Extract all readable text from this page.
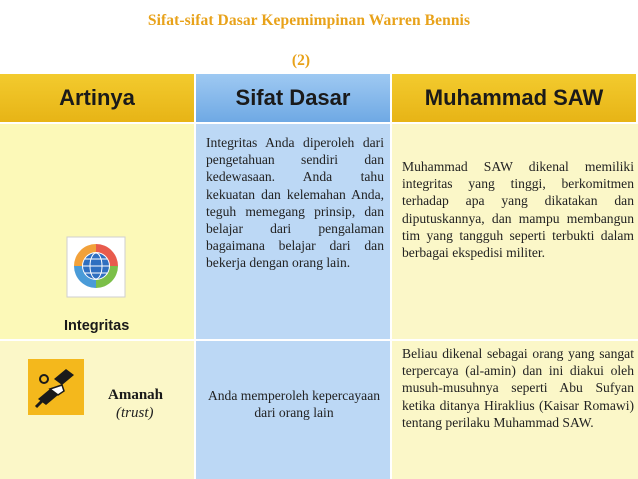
Sifat-sifat Dasar Kepemimpinan Warren Bennis
(2)
Artinya	Sifat Dasar	Muhammad SAW
Integritas
Integritas Anda diperoleh dari pengetahuan sendiri dan kedewasaan. Anda tahu kekuatan dan kelemahan Anda, teguh memegang prinsip, dan belajar dari pengalaman bagaimana belajar dari dan bekerja dengan orang lain.
Muhammad SAW dikenal memiliki integritas yang tinggi, berkomitmen terhadap apa yang dikatakan dan diputuskannya, dan mampu membangun tim yang tangguh seperti terbukti dalam berbagai ekspedisi militer.
Amanah
(trust)
Anda memperoleh kepercayaan dari orang lain
Beliau dikenal sebagai orang yang sangat terpercaya (al-amin) dan ini diakui oleh musuh-musuhnya seperti Abu Sufyan ketika ditanya Hiraklius (Kaisar Romawi) tentang perilaku Muhammad SAW.
